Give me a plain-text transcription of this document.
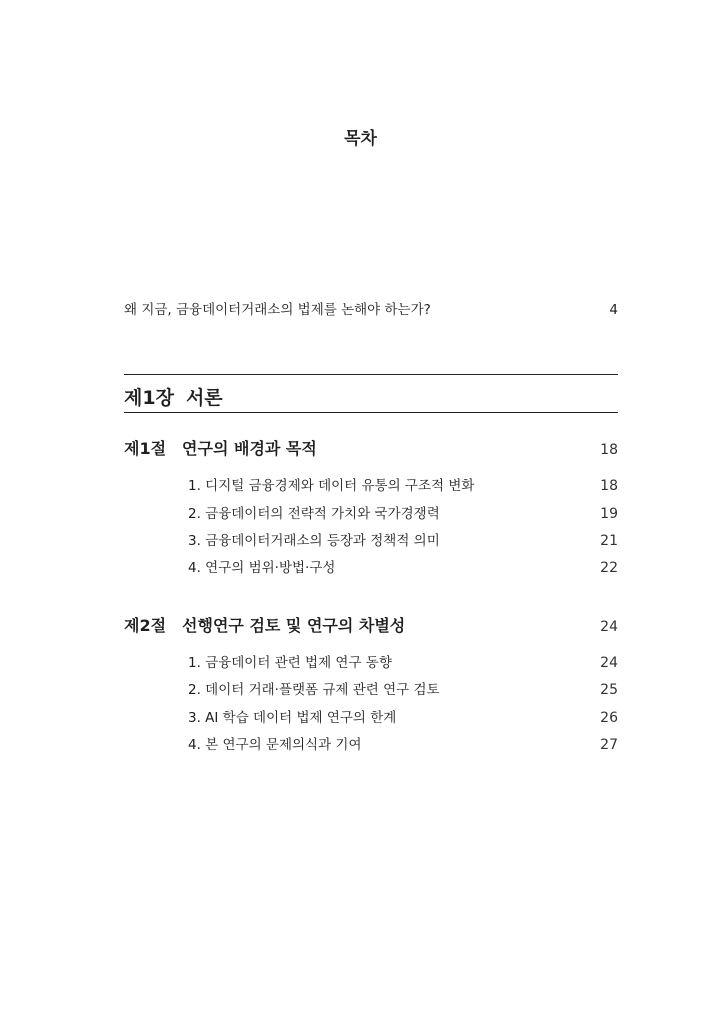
목차
왜 지금, 금융데이터거래소의 법제를 논해야 하는가?	4
제1장 서론
제1절 연구의 배경과 목적	18
1. 디지털 금융경제와 데이터 유통의 구조적 변화	18
2. 금융데이터의 전략적 가치와 국가경쟁력	19
3. 금융데이터거래소의 등장과 정책적 의미	21
4. 연구의 범위·방법·구성	22
제2절 선행연구 검토 및 연구의 차별성	24
1. 금융데이터 관련 법제 연구 동향	24
2. 데이터 거래·플랫폼 규제 관련 연구 검토	25
3. AI 학습 데이터 법제 연구의 한계	26
4. 본 연구의 문제의식과 기여	27
